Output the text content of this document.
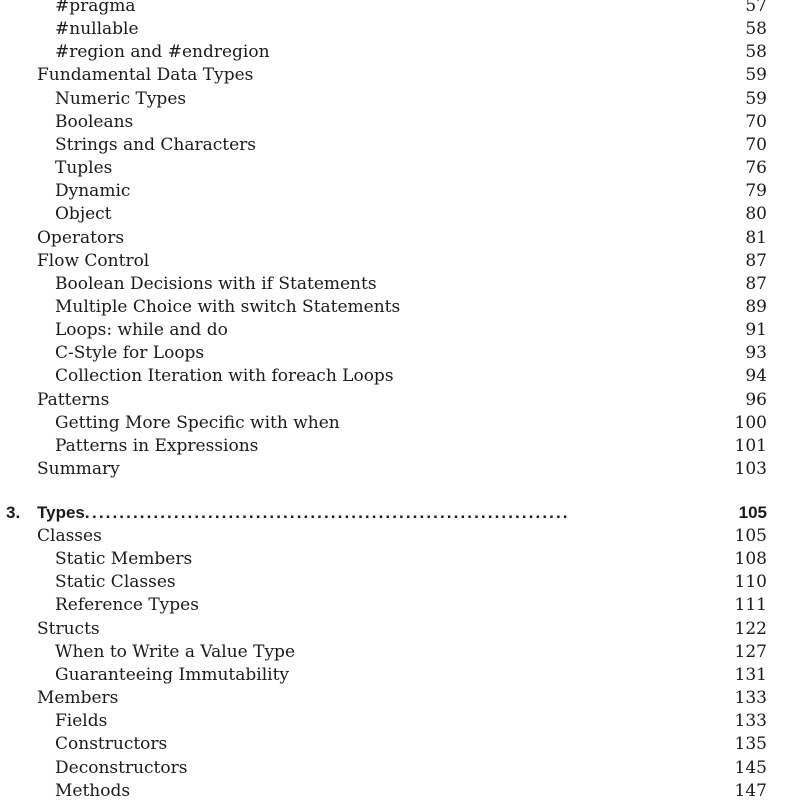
#pragma	57
#nullable	58
#region and #endregion	58
Fundamental Data Types	59
Numeric Types	59
Booleans	70
Strings and Characters	70
Tuples	76
Dynamic	79
Object	80
Operators	81
Flow Control	87
Boolean Decisions with if Statements	87
Multiple Choice with switch Statements	89
Loops: while and do	91
C-Style for Loops	93
Collection Iteration with foreach Loops	94
Patterns	96
Getting More Specific with when	100
Patterns in Expressions	101
Summary	103
3. Types. ......................................................................	105
Classes	105
Static Members	108
Static Classes	110
Reference Types	111
Structs	122
When to Write a Value Type	127
Guaranteeing Immutability	131
Members	133
Fields	133
Constructors	135
Deconstructors	145
Methods	147
